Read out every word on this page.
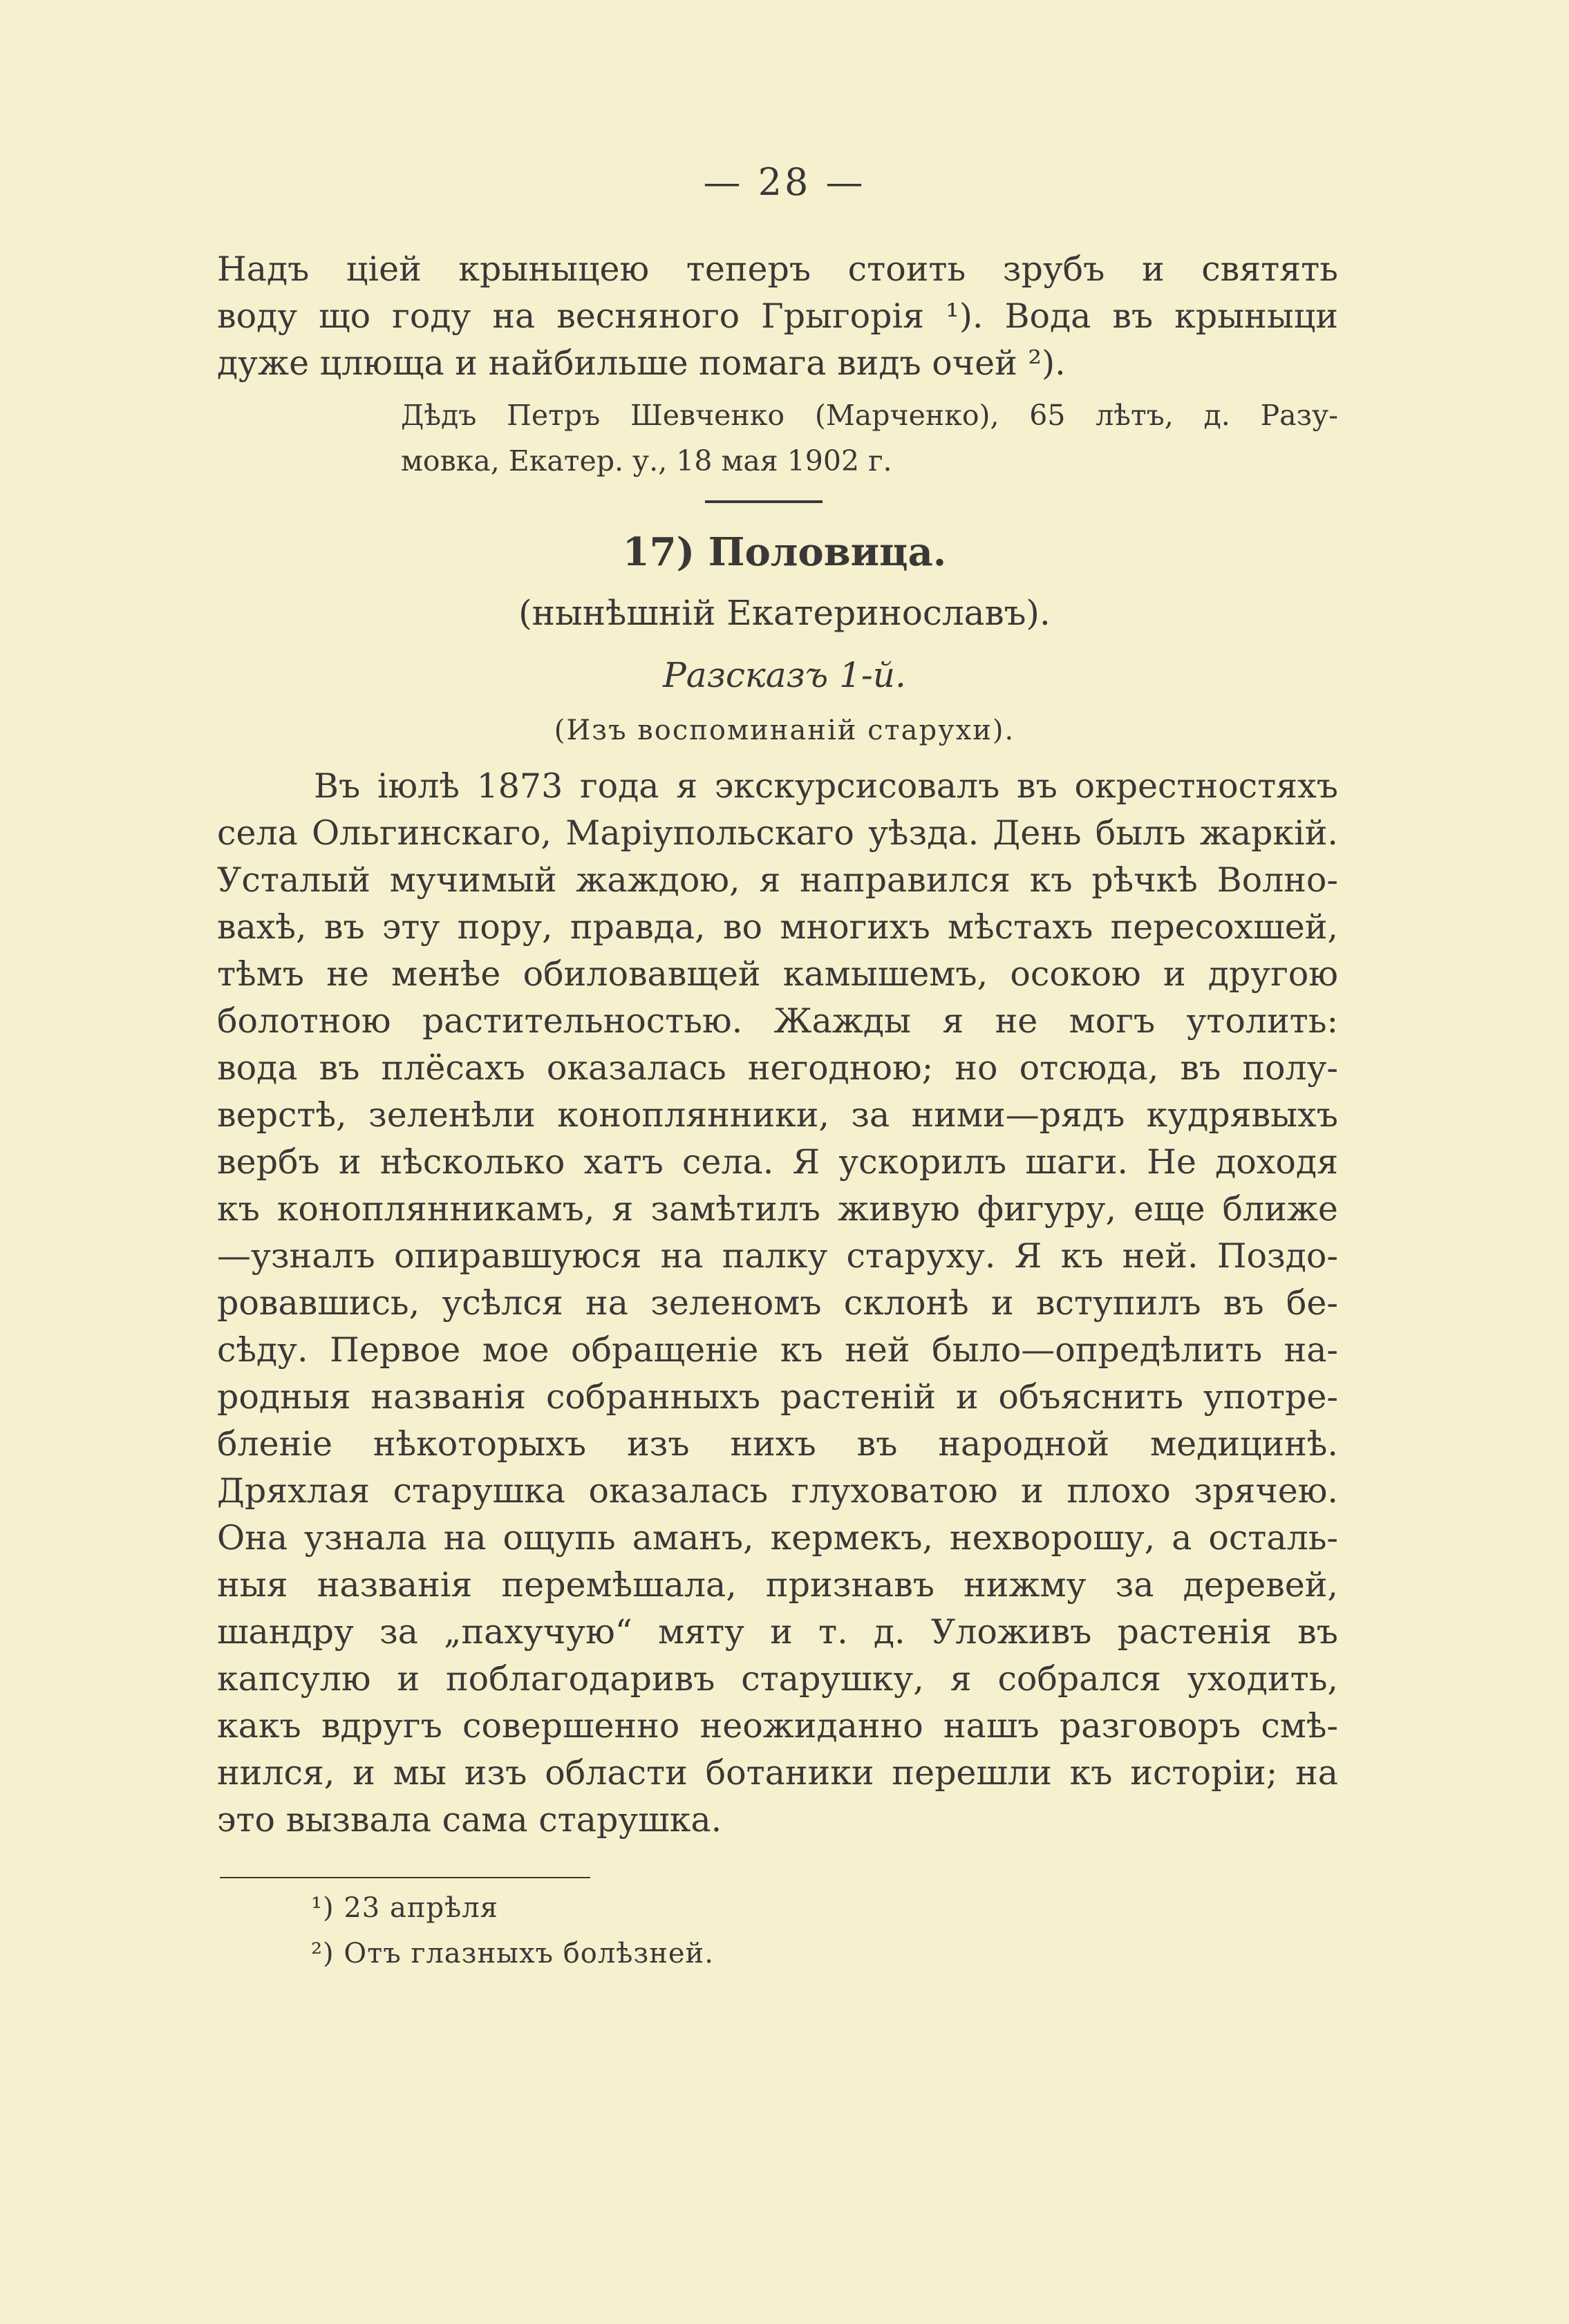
— 28 —
Надъ цiей крыныцею теперъ стоить зрубъ и святять
воду що году на весняного Грыгорiя ¹). Вода въ крыныци
дуже цлюща и найбильше помага видъ очей ²).
Дѣдъ Петръ Шевченко (Марченко), 65 лѣтъ, д. Разу-
мовка, Екатер. у., 18 мая 1902 г.
17) Половица.
(нынѣшнiй Екатеринославъ).
Разсказъ 1-й.
(Изъ воспоминанiй старухи).
Въ iюлѣ 1873 года я экскурсисовалъ въ окрестностяхъ
села Ольгинскаго, Марiупольскаго уѣзда. День былъ жаркiй.
Усталый мучимый жаждою, я направился къ рѣчкѣ Волно-
вахѣ, въ эту пору, правда, во многихъ мѣстахъ пересохшей,
тѣмъ не менѣе обиловавщей камышемъ, осокою и другою
болотною растительностью. Жажды я не могъ утолить:
вода въ плёсахъ оказалась негодною; но отсюда, въ полу-
верстѣ, зеленѣли коноплянники, за ними—рядъ кудрявыхъ
вербъ и нѣсколько хатъ села. Я ускорилъ шаги. Не доходя
къ коноплянникамъ, я замѣтилъ живую фигуру, еще ближе
—узналъ опиравшуюся на палку старуху. Я къ ней. Поздо-
ровавшись, усѣлся на зеленомъ склонѣ и вступилъ въ бе-
сѣду. Первое мое обращенiе къ ней было—опредѣлить на-
родныя названiя собранныхъ растенiй и объяснить употре-
бленiе нѣкоторыхъ изъ нихъ въ народной медицинѣ.
Дряхлая старушка оказалась глуховатою и плохо зрячею.
Она узнала на ощупь аманъ, кермекъ, нехворошу, а осталь-
ныя названiя перемѣшала, признавъ нижму за деревей,
шандру за „пахучую“ мяту и т. д. Уложивъ растенiя въ
капсулю и поблагодаривъ старушку, я собрался уходить,
какъ вдругъ совершенно неожиданно нашъ разговоръ смѣ-
нился, и мы изъ области ботаники перешли къ исторiи; на
это вызвала сама старушка.
¹) 23 апрѣля
²) Отъ глазныхъ болѣзней.
